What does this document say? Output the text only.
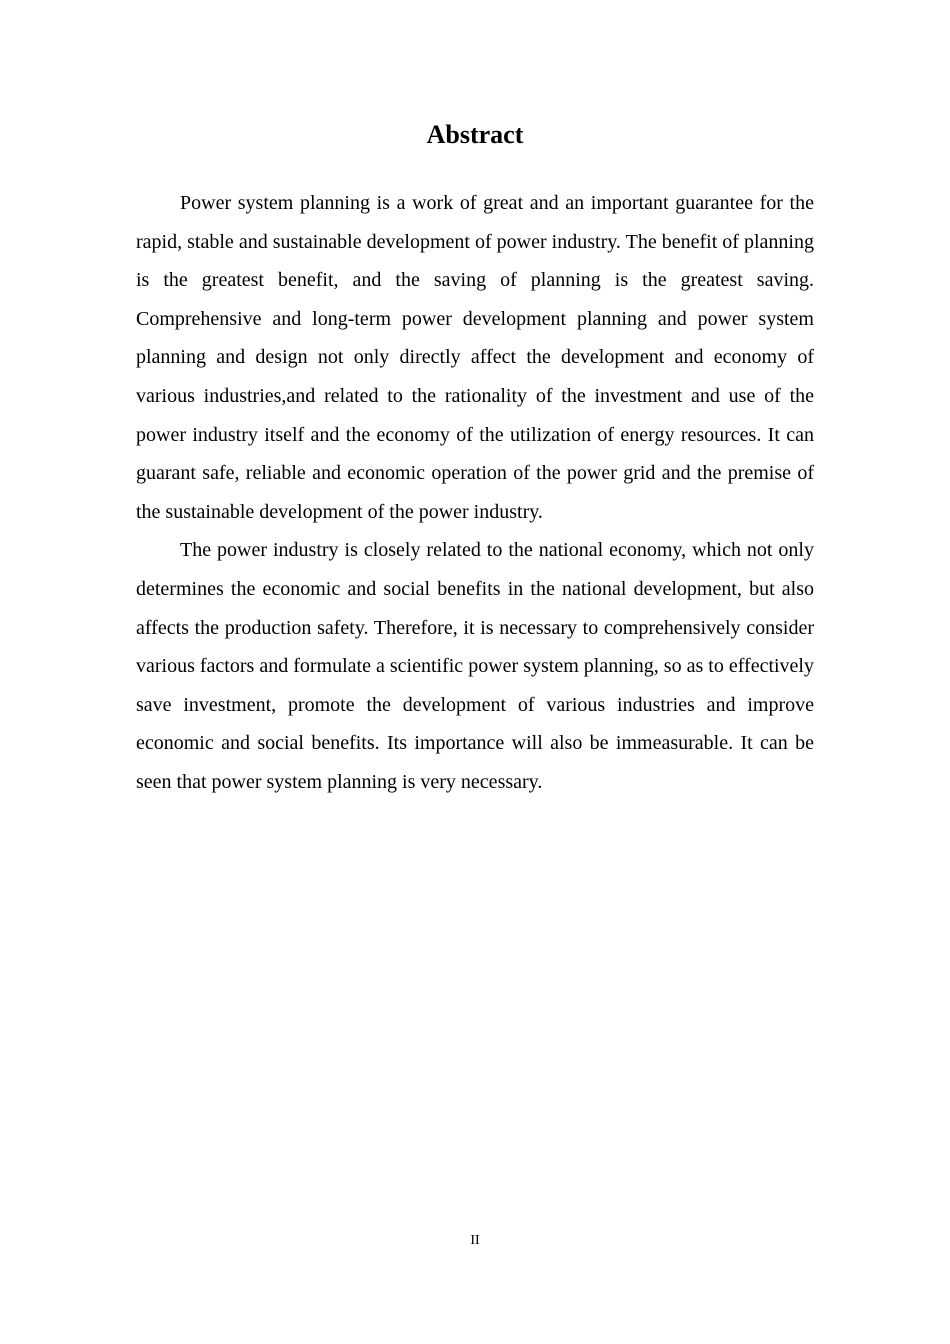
Abstract

Power system planning is a work of great and an important guarantee for the rapid, stable and sustainable development of power industry. The benefit of planning is the greatest benefit, and the saving of planning is the greatest saving. Comprehensive and long-term power development planning and power system planning and design not only directly affect the development and economy of various industries,and related to the rationality of the investment and use of the power industry itself and the economy of the utilization of energy resources. It can guarant safe, reliable and economic operation of the power grid and the premise of the sustainable development of the power industry.

The power industry is closely related to the national economy, which not only determines the economic and social benefits in the national development, but also affects the production safety. Therefore, it is necessary to comprehensively consider various factors and formulate a scientific power system planning, so as to effectively save investment, promote the development of various industries and improve economic and social benefits. Its importance will also be immeasurable. It can be seen that power system planning is very necessary.

II
